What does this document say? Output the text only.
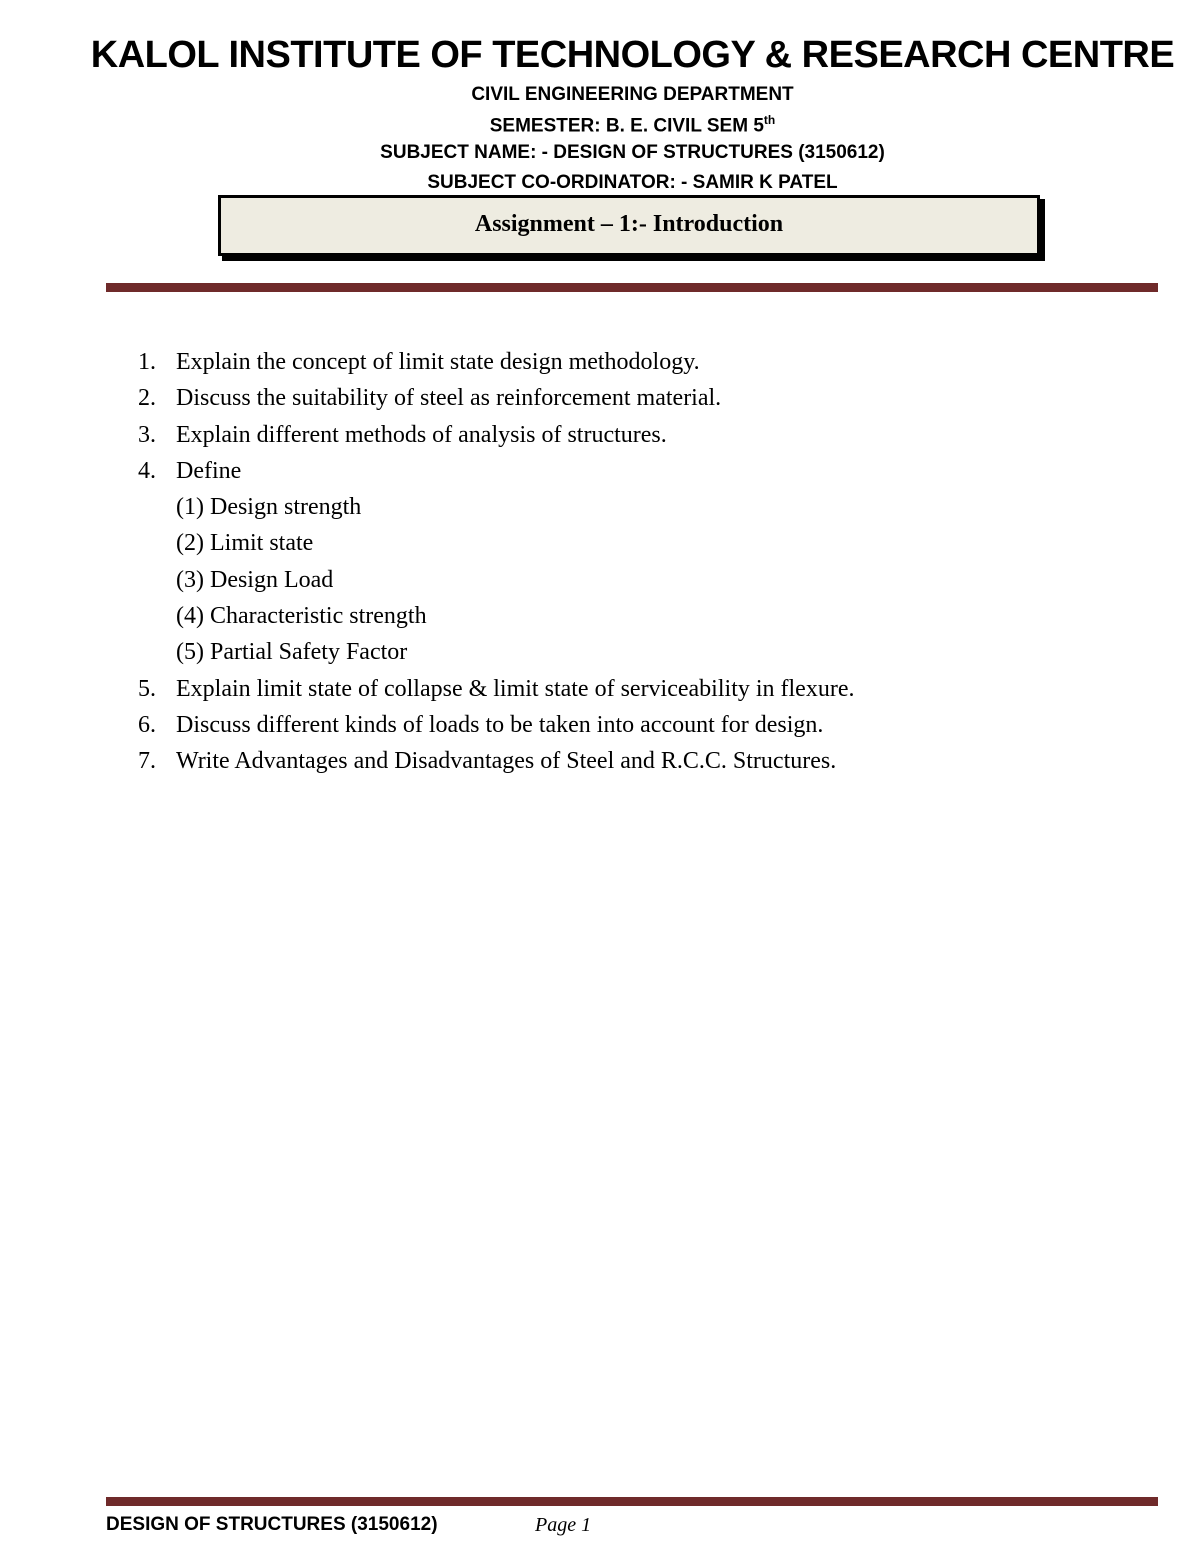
KALOL INSTITUTE OF TECHNOLOGY & RESEARCH CENTRE
CIVIL ENGINEERING DEPARTMENT
SEMESTER: B. E. CIVIL SEM 5th
SUBJECT NAME: - DESIGN OF STRUCTURES (3150612)
SUBJECT CO-ORDINATOR: - SAMIR K PATEL
Assignment – 1:- Introduction
1. Explain the concept of limit state design methodology.
2. Discuss the suitability of steel as reinforcement material.
3. Explain different methods of analysis of structures.
4. Define
(1) Design strength
(2) Limit state
(3) Design Load
(4) Characteristic strength
(5) Partial Safety Factor
5. Explain limit state of collapse & limit state of serviceability in flexure.
6. Discuss different kinds of loads to be taken into account for design.
7. Write Advantages and Disadvantages of Steel and R.C.C. Structures.
DESIGN OF STRUCTURES (3150612)	Page 1
